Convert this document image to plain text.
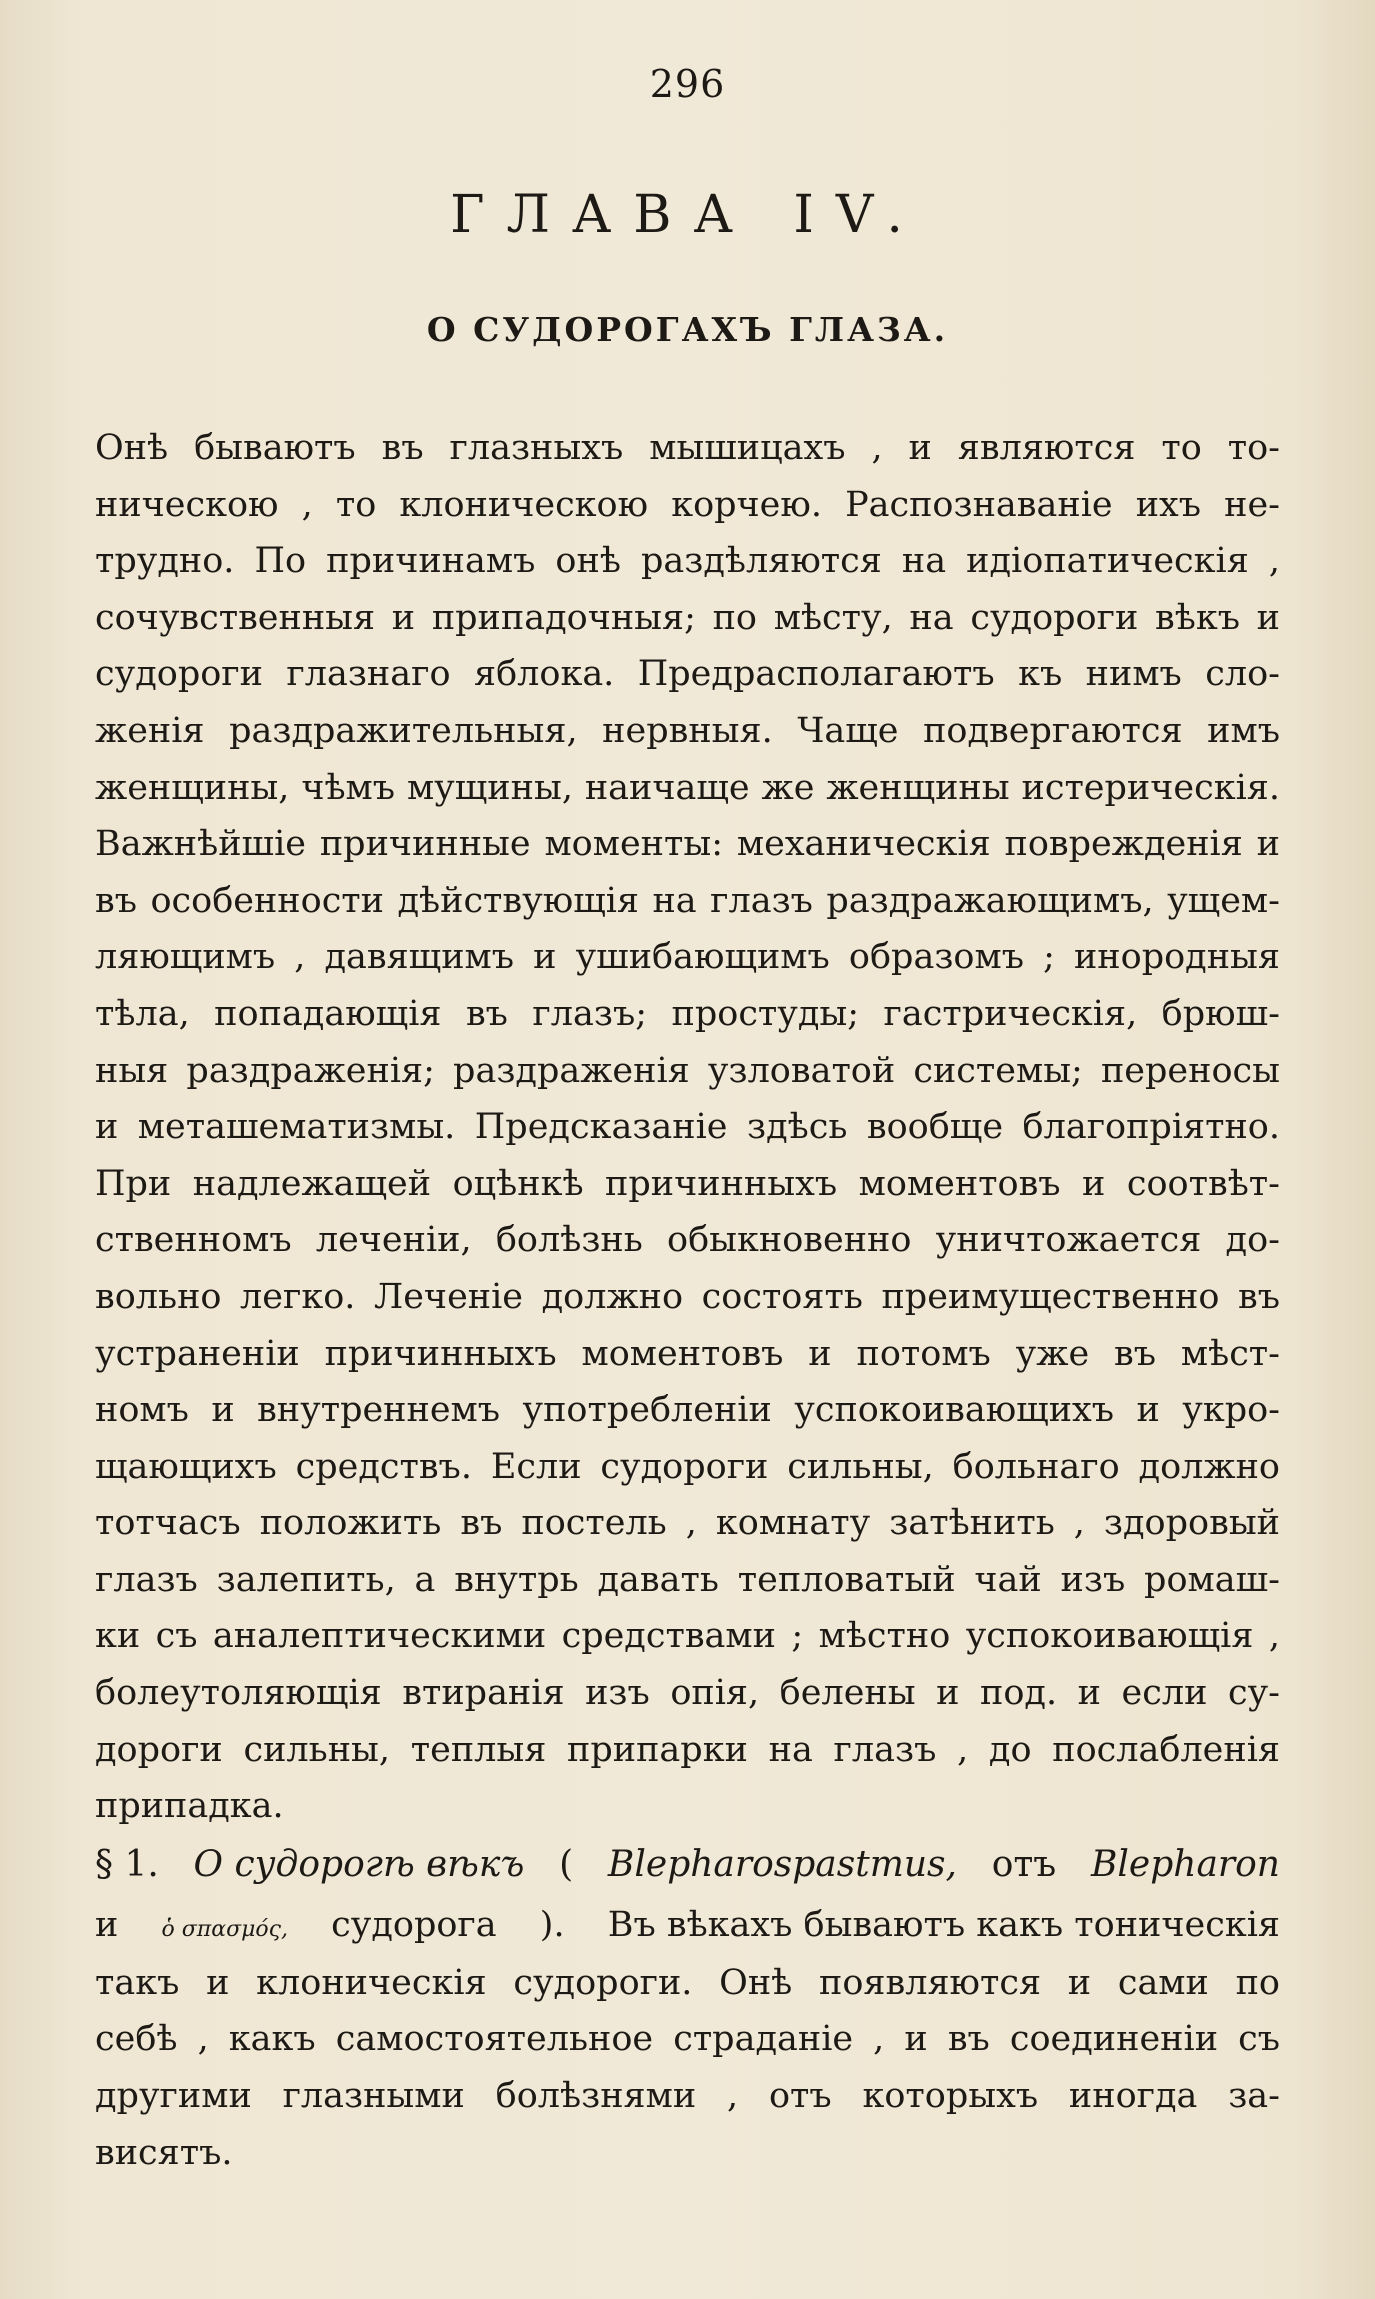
296
ГЛАВА IV.
О СУДОРОГАХЪ ГЛАЗА.
Онѣ бываютъ въ глазныхъ мышицахъ , и являются то то-
ническою , то клоническою корчею. Распознаваніе ихъ не-
трудно. По причинамъ онѣ раздѣляются на идіопатическія ,
сочувственныя и припадочныя; по мѣсту, на судороги вѣкъ и
судороги глазнаго яблока. Предрасполагаютъ къ нимъ сло-
женія раздражительныя, нервныя. Чаще подвергаются имъ
женщины, чѣмъ мущины, наичаще же женщины истерическія.
Важнѣйшіе причинные моменты: механическія поврежденія и
въ особенности дѣйствующія на глазъ раздражающимъ, ущем-
ляющимъ , давящимъ и ушибающимъ образомъ ; инородныя
тѣла, попадающія въ глазъ; простуды; гастрическія, брюш-
ныя раздраженія; раздраженія узловатой системы; переносы
и меташематизмы. Предсказаніе здѣсь вообще благопріятно.
При надлежащей оцѣнкѣ причинныхъ моментовъ и соотвѣт-
ственномъ леченіи, болѣзнь обыкновенно уничтожается до-
вольно легко. Леченіе должно состоять преимущественно въ
устраненіи причинныхъ моментовъ и потомъ уже въ мѣст-
номъ и внутреннемъ употребленіи успокоивающихъ и укро-
щающихъ средствъ. Если судороги сильны, больнаго должно
тотчасъ положить въ постель , комнату затѣнить , здоровый
глазъ залепить, а внутрь давать тепловатый чай изъ ромаш-
ки съ аналептическими средствами ; мѣстно успокоивающія ,
болеутоляющія втиранія изъ опія, белены и под. и если су-
дороги сильны, теплыя припарки на глазъ , до послабленія
припадка.
§ 1. О судорогѣ вѣкъ ( Blepharospastmus, отъ Blepharon
и ὁ σπασμός, судорога ). Въ вѣкахъ бываютъ какъ тоническія
такъ и клоническія судороги. Онѣ появляются и сами по
себѣ , какъ самостоятельное страданіе , и въ соединеніи съ
другими глазными болѣзнями , отъ которыхъ иногда за-
висятъ.
